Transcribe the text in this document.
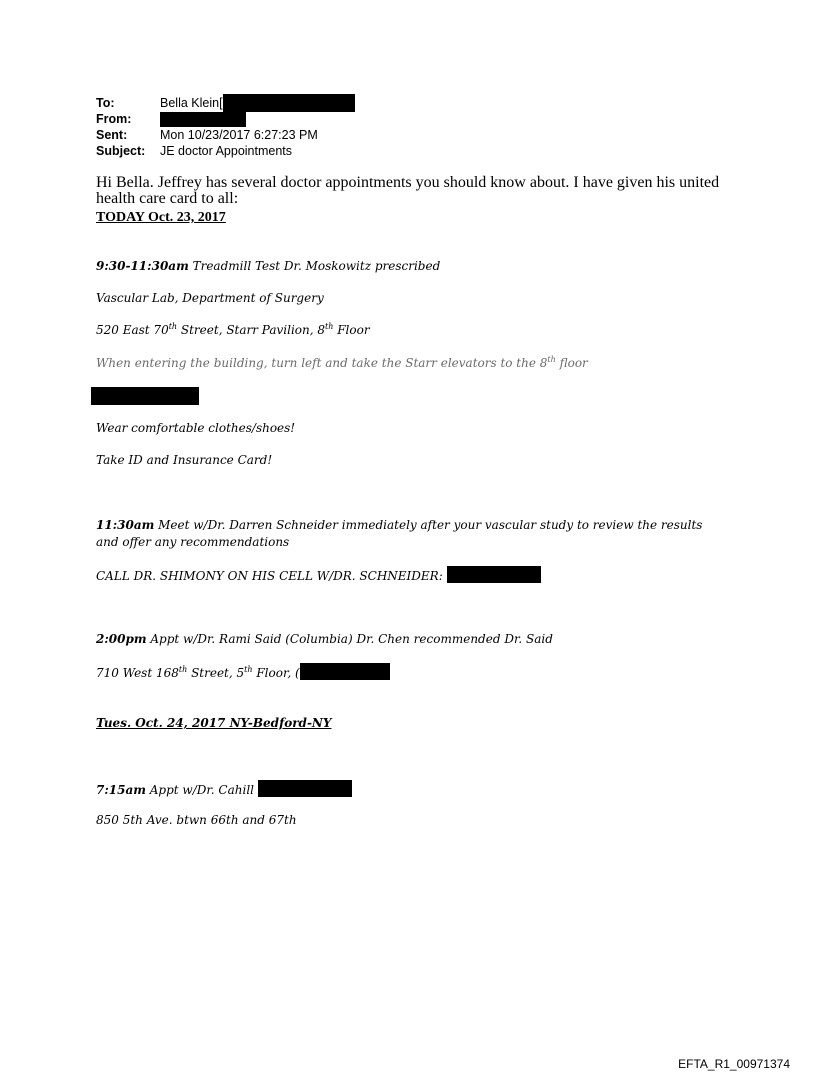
To:	Bella Klein[
From:
Sent:	Mon 10/23/2017 6:27:23 PM
Subject: JE doctor Appointments

Hi Bella. Jeffrey has several doctor appointments you should know about. I have given his united health care card to all:

TODAY Oct. 23, 2017

9:30-11:30am Treadmill Test Dr. Moskowitz prescribed

Vascular Lab, Department of Surgery

520 East 70th Street, Starr Pavilion, 8th Floor

When entering the building, turn left and take the Starr elevators to the 8th floor

Wear comfortable clothes/shoes!

Take ID and Insurance Card!

11:30am Meet w/Dr. Darren Schneider immediately after your vascular study to review the results and offer any recommendations

CALL DR. SHIMONY ON HIS CELL W/DR. SCHNEIDER:

2:00pm Appt w/Dr. Rami Said (Columbia) Dr. Chen recommended Dr. Said

710 West 168th Street, 5th Floor, (

Tues. Oct. 24, 2017 NY-Bedford-NY

7:15am Appt w/Dr. Cahill

850 5th Ave. btwn 66th and 67th

EFTA_R1_00971374
